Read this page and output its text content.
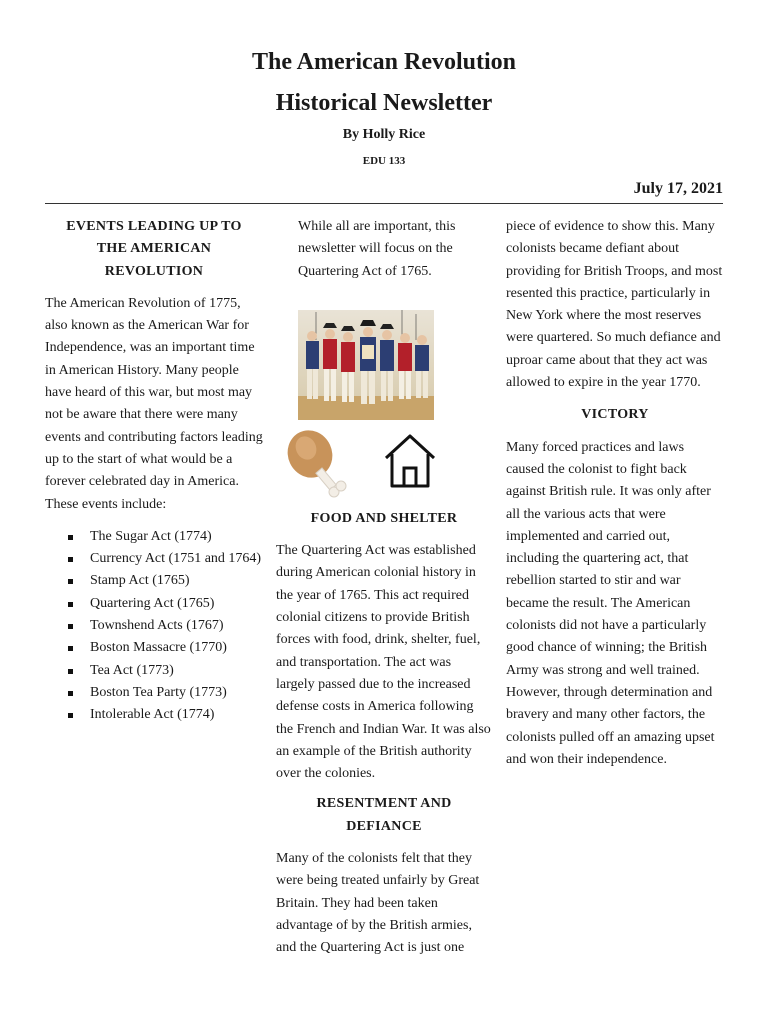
The American Revolution
Historical Newsletter
By Holly Rice
EDU 133
July 17, 2021
EVENTS LEADING UP TO
THE AMERICAN
REVOLUTION

The American Revolution of 1775, also known as the American War for Independence, was an important time in American History. Many people have heard of this war, but most may not be aware that there were many events and contributing factors leading up to the start of what would be a forever celebrated day in America. These events include:

The Sugar Act (1774)
Currency Act (1751 and 1764)
Stamp Act (1765)
Quartering Act (1765)
Townshend Acts (1767)
Boston Massacre (1770)
Tea Act (1773)
Boston Tea Party (1773)
Intolerable Act (1774)

While all are important, this newsletter will focus on the Quartering Act of 1765.

FOOD AND SHELTER

The Quartering Act was established during American colonial history in the year of 1765. This act required colonial citizens to provide British forces with food, drink, shelter, fuel, and transportation. The act was largely passed due to the increased defense costs in America following the French and Indian War. It was also an example of the British authority over the colonies.

RESENTMENT AND
DEFIANCE

Many of the colonists felt that they were being treated unfairly by Great Britain. They had been taken advantage of by the British armies, and the Quartering Act is just one

piece of evidence to show this. Many colonists became defiant about providing for British Troops, and most resented this practice, particularly in New York where the most reserves were quartered. So much defiance and uproar came about that they act was allowed to expire in the year 1770.

VICTORY

Many forced practices and laws caused the colonist to fight back against British rule. It was only after all the various acts that were implemented and carried out, including the quartering act, that rebellion started to stir and war became the result. The American colonists did not have a particularly good chance of winning; the British Army was strong and well trained. However, through determination and bravery and many other factors, the colonists pulled off an amazing upset and won their independence.
